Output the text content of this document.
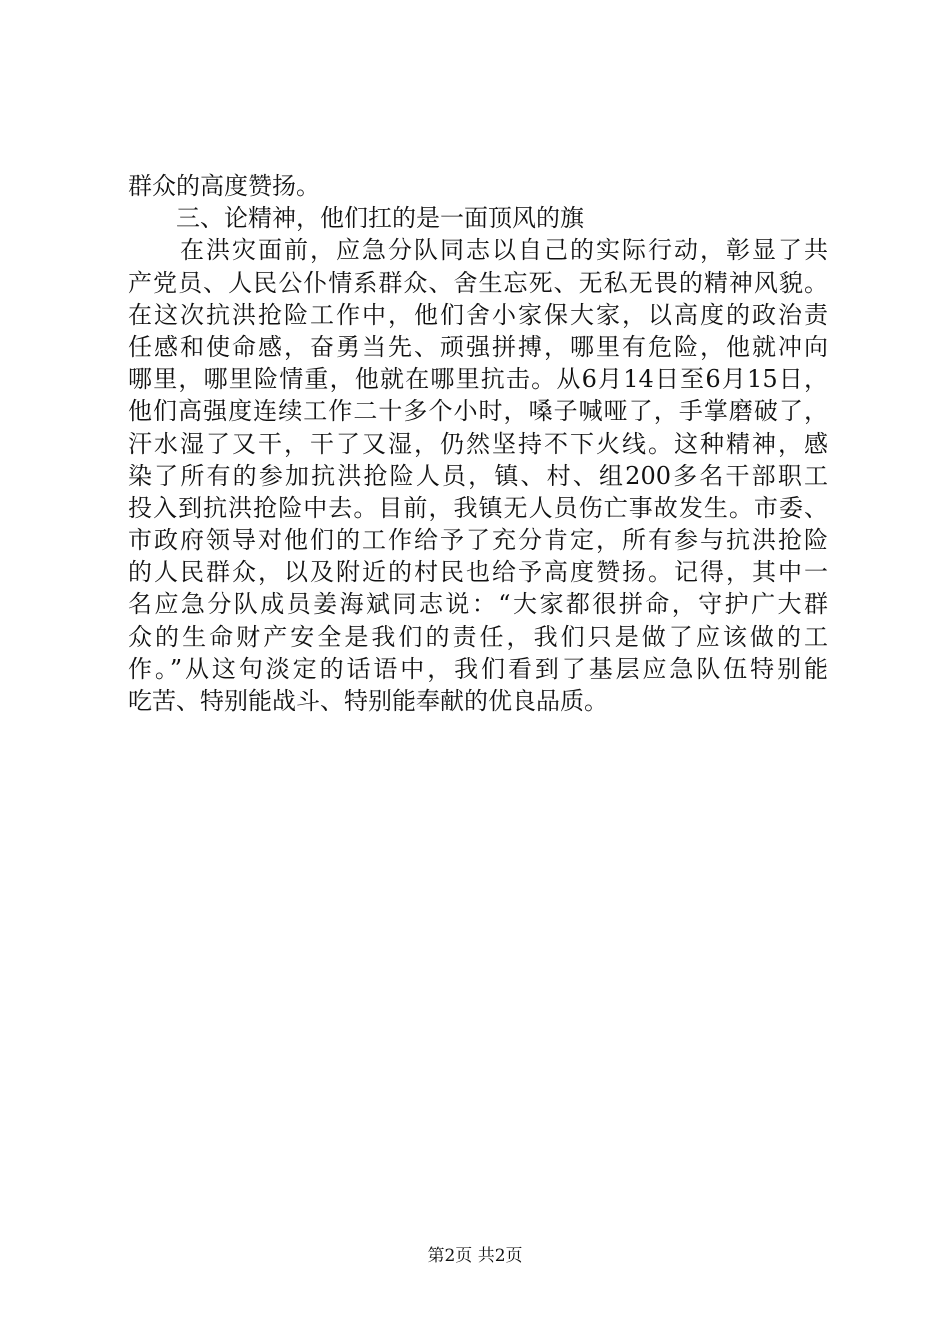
群众的高度赞扬。
　　三、论精神，他们扛的是一面顶风的旗
　　在洪灾面前，应急分队同志以自己的实际行动，彰显了共
产党员、人民公仆情系群众、舍生忘死、无私无畏的精神风貌。
在这次抗洪抢险工作中，他们舍小家保大家，以高度的政治责
任感和使命感，奋勇当先、顽强拼搏，哪里有危险，他就冲向
哪里，哪里险情重，他就在哪里抗击。从6月14日至6月15日，
他们高强度连续工作二十多个小时，嗓子喊哑了，手掌磨破了，
汗水湿了又干，干了又湿，仍然坚持不下火线。这种精神，感
染了所有的参加抗洪抢险人员，镇、村、组200多名干部职工
投入到抗洪抢险中去。目前，我镇无人员伤亡事故发生。市委、
市政府领导对他们的工作给予了充分肯定，所有参与抗洪抢险
的人民群众，以及附近的村民也给予高度赞扬。记得，其中一
名应急分队成员姜海斌同志说：“大家都很拼命，守护广大群
众的生命财产安全是我们的责任，我们只是做了应该做的工
作。”从这句淡定的话语中，我们看到了基层应急队伍特别能
吃苦、特别能战斗、特别能奉献的优良品质。
第2页 共2页
